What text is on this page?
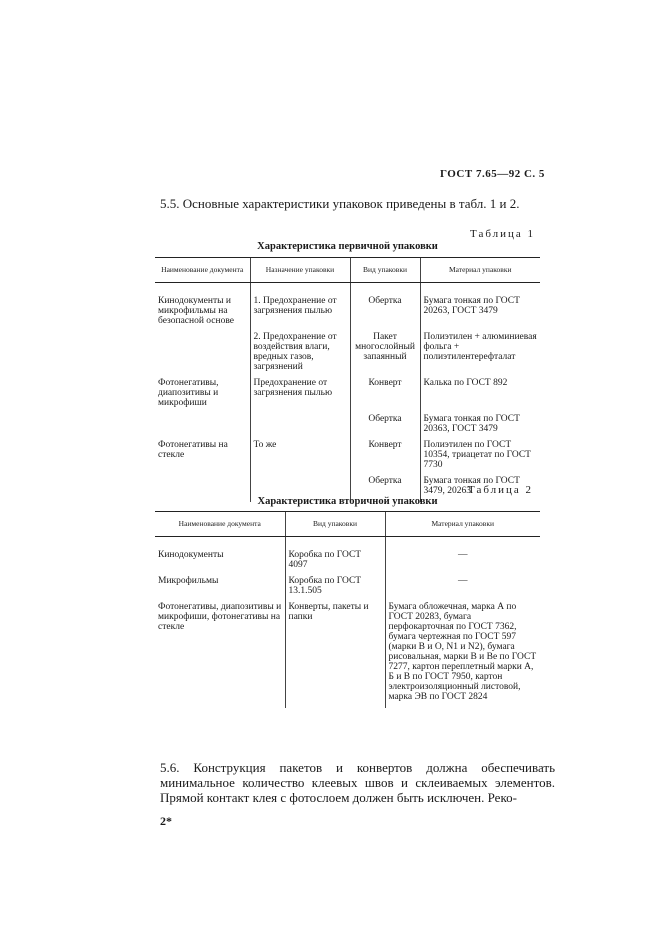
ГОСТ 7.65—92 С. 5
5.5. Основные характеристики упаковок приведены в табл. 1 и 2.
Таблица 1
Характеристика первичной упаковки
Наименование документа	Назначение упаковки	Вид упаковки	Материал упаковки
Кинодокументы и микрофильмы на безопасной основе	1. Предохранение от загрязнения пылью	Обертка	Бумага тонкая по ГОСТ 20263, ГОСТ 3479
	2. Предохранение от воздействия влаги, вредных газов, загрязнений	Пакет многослойный запаянный	Полиэтилен + алюминиевая фольга + полиэтилентерефталат
Фотонегативы, диапозитивы и микрофиши	Предохранение от загрязнения пылью	Конверт	Калька по ГОСТ 892
		Обертка	Бумага тонкая по ГОСТ 20363, ГОСТ 3479
Фотонегативы на стекле	То же	Конверт	Полиэтилен по ГОСТ 10354, триацетат по ГОСТ 7730
		Обертка	Бумага тонкая по ГОСТ 3479, 20263
Таблица 2
Характеристика вторичной упаковки
Наименование документа	Вид упаковки	Материал упаковки
Кинодокументы	Коробка по ГОСТ 4097	—
Микрофильмы	Коробка по ГОСТ 13.1.505	—
Фотонегативы, диапозитивы и микрофиши, фотонегативы на стекле	Конверты, пакеты и папки	Бумага обложечная, марка А по ГОСТ 20283, бумага перфокарточная по ГОСТ 7362, бумага чертежная по ГОСТ 597 (марки В и О, N1 и N2), бумага рисовальная, марки В и Ве по ГОСТ 7277, картон переплетный марки А, Б и В по ГОСТ 7950, картон электроизоляционный листовой, марка ЭВ по ГОСТ 2824
5.6. Конструкция пакетов и конвертов должна обеспечивать минимальное количество клеевых швов и склеиваемых элементов. Прямой контакт клея с фотослоем должен быть исключен. Реко-
2*
